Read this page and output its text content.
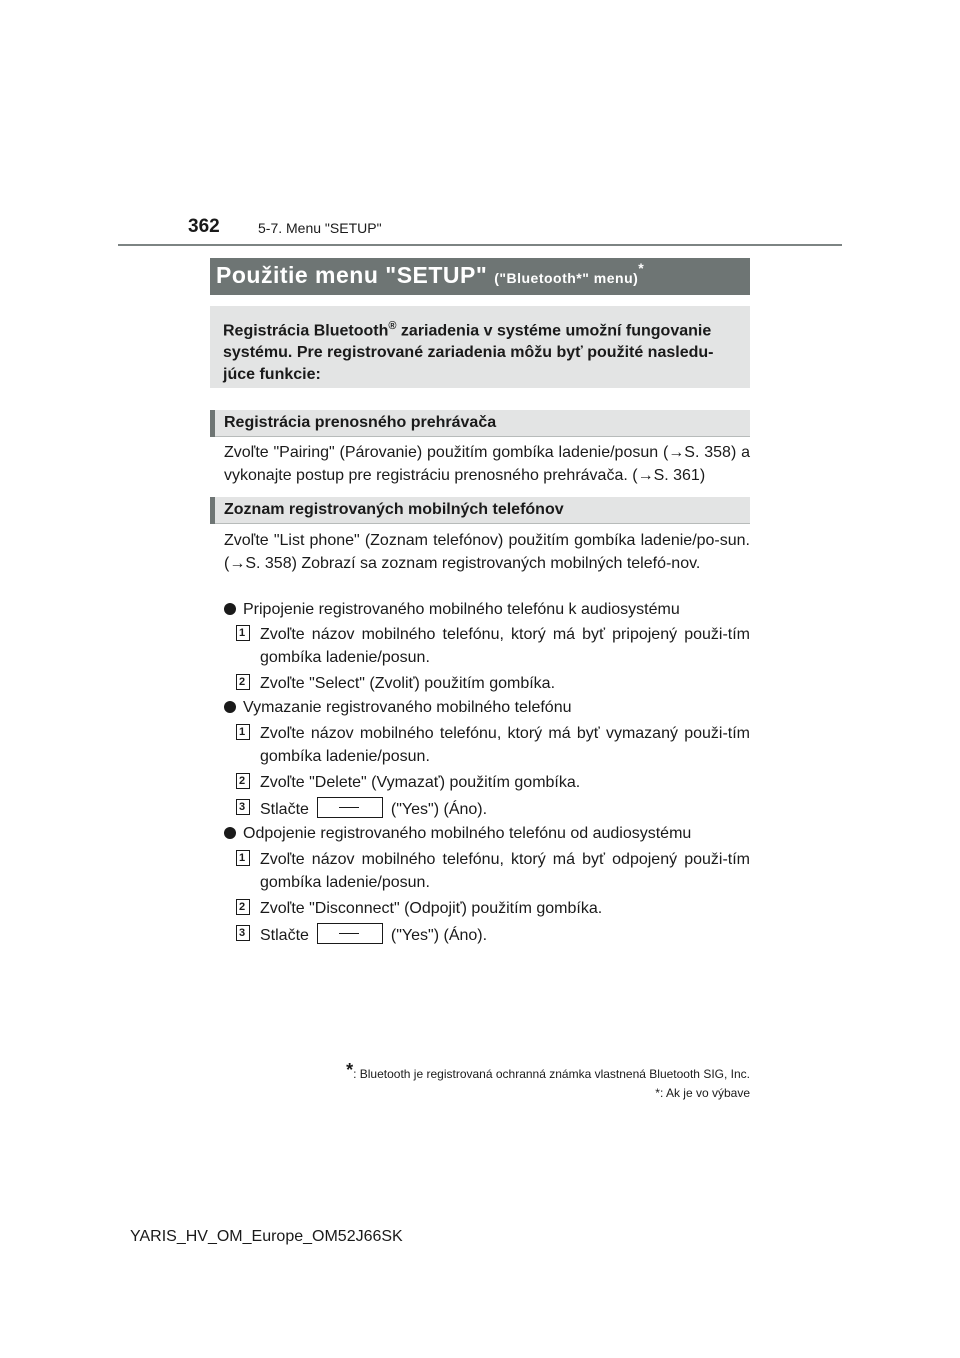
362	5-7. Menu "SETUP"
Použitie menu "SETUP" ("Bluetooth*" menu)*
Registrácia Bluetooth® zariadenia v systéme umožní fungovanie systému. Pre registrované zariadenia môžu byť použité nasledu-júce funkcie:
Registrácia prenosného prehrávača
Zvoľte "Pairing" (Párovanie) použitím gombíka ladenie/posun (→S. 358) a vykonajte postup pre registráciu prenosného prehrávača. (→S. 361)
Zoznam registrovaných mobilných telefónov
Zvoľte "List phone" (Zoznam telefónov) použitím gombíka ladenie/po-sun. (→S. 358) Zobrazí sa zoznam registrovaných mobilných telefó-nov.
Pripojenie registrovaného mobilného telefónu k audiosystému
1 Zvoľte názov mobilného telefónu, ktorý má byť pripojený použi-tím gombíka ladenie/posun.
2 Zvoľte "Select" (Zvoliť) použitím gombíka.
Vymazanie registrovaného mobilného telefónu
1 Zvoľte názov mobilného telefónu, ktorý má byť vymazaný použi-tím gombíka ladenie/posun.
2 Zvoľte "Delete" (Vymazať) použitím gombíka.
3 Stlačte	("Yes") (Áno).
Odpojenie registrovaného mobilného telefónu od audiosystému
1 Zvoľte názov mobilného telefónu, ktorý má byť odpojený použi-tím gombíka ladenie/posun.
2 Zvoľte "Disconnect" (Odpojiť) použitím gombíka.
3 Stlačte	("Yes") (Áno).
*: Bluetooth je registrovaná ochranná známka vlastnená Bluetooth SIG, Inc.
*: Ak je vo výbave
YARIS_HV_OM_Europe_OM52J66SK
